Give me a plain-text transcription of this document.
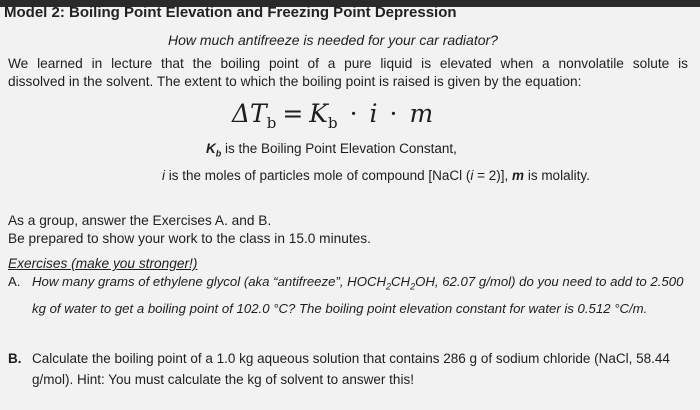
Model 2: Boiling Point Elevation and Freezing Point Depression
How much antifreeze is needed for your car radiator?
We learned in lecture that the boiling point of a pure liquid is elevated when a nonvolatile solute is
dissolved in the solvent. The extent to which the boiling point is raised is given by the equation:
$\Delta T_b = K_b \cdot i \cdot m$
$K_b$ is the Boiling Point Elevation Constant,
i is the moles of particles mole of compound [NaCl (i = 2)], m is molality.
As a group, answer the Exercises A. and B.
Be prepared to show your work to the class in 15.0 minutes.
Exercises (make you stronger!)
A. How many grams of ethylene glycol (aka “antifreeze”, $HOCH_2CH_2OH$, 62.07 g/mol) do you need to add to 2.500 kg of water to get a boiling point of 102.0 °C? The boiling point elevation constant for water is 0.512 °C/m.
B. Calculate the boiling point of a 1.0 kg aqueous solution that contains 286 g of sodium chloride (NaCl, 58.44 g/mol). Hint: You must calculate the kg of solvent to answer this!
